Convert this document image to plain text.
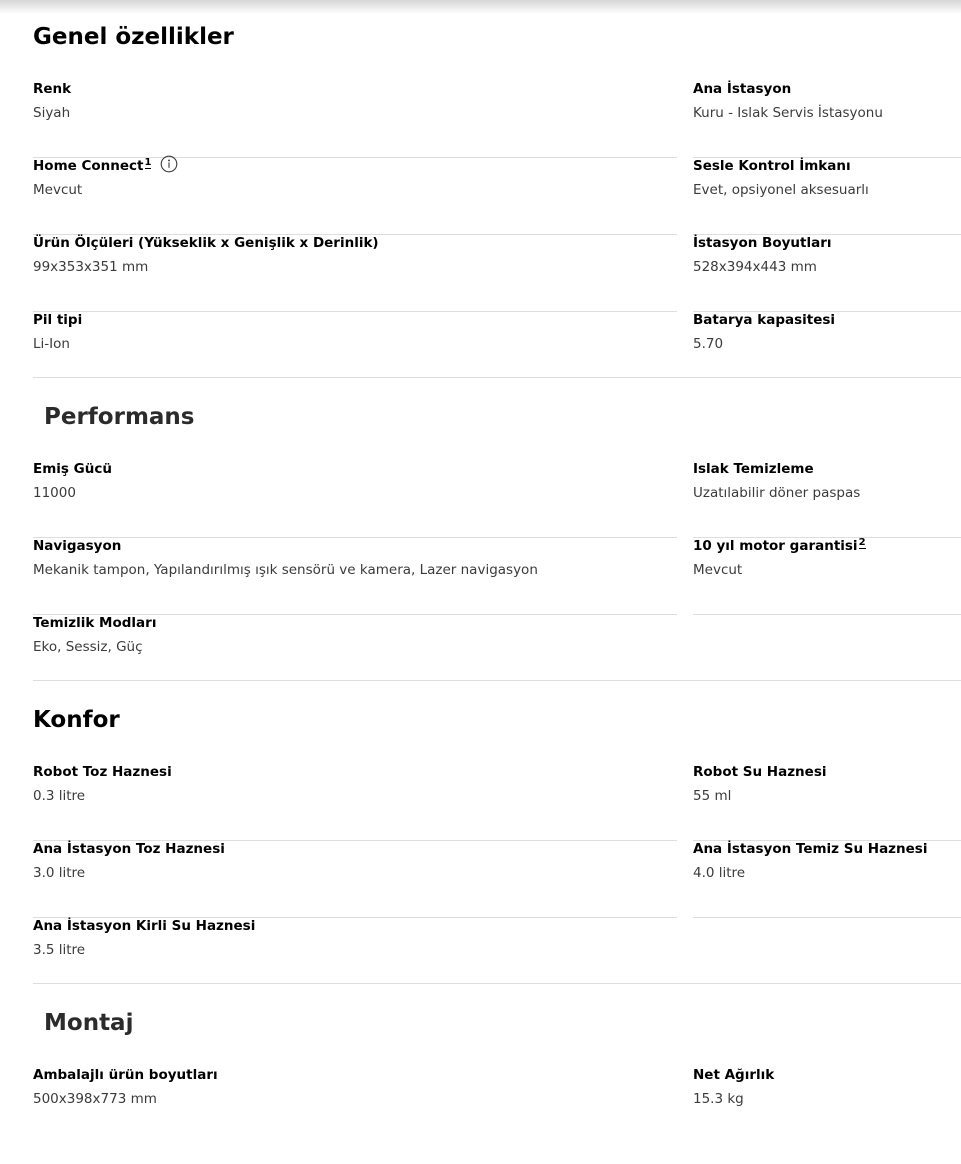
Genel özellikler
Renk
Siyah
Ana İstasyon
Kuru - Islak Servis İstasyonu
Home Connect$^1$
Mevcut
Sesle Kontrol İmkanı
Evet, opsiyonel aksesuarlı
Ürün Ölçüleri (Yükseklik x Genişlik x Derinlik)
99x353x351 mm
İstasyon Boyutları
528x394x443 mm
Pil tipi
Li-Ion
Batarya kapasitesi
5.70
Performans
Emiş Gücü
11000
Islak Temizleme
Uzatılabilir döner paspas
Navigasyon
Mekanik tampon, Yapılandırılmış ışık sensörü ve kamera, Lazer navigasyon
10 yıl motor garantisi$^2$
Mevcut
Temizlik Modları
Eko, Sessiz, Güç
Konfor
Robot Toz Haznesi
0.3 litre
Robot Su Haznesi
55 ml
Ana İstasyon Toz Haznesi
3.0 litre
Ana İstasyon Temiz Su Haznesi
4.0 litre
Ana İstasyon Kirli Su Haznesi
3.5 litre
Montaj
Ambalajlı ürün boyutları
500x398x773 mm
Net Ağırlık
15.3 kg
